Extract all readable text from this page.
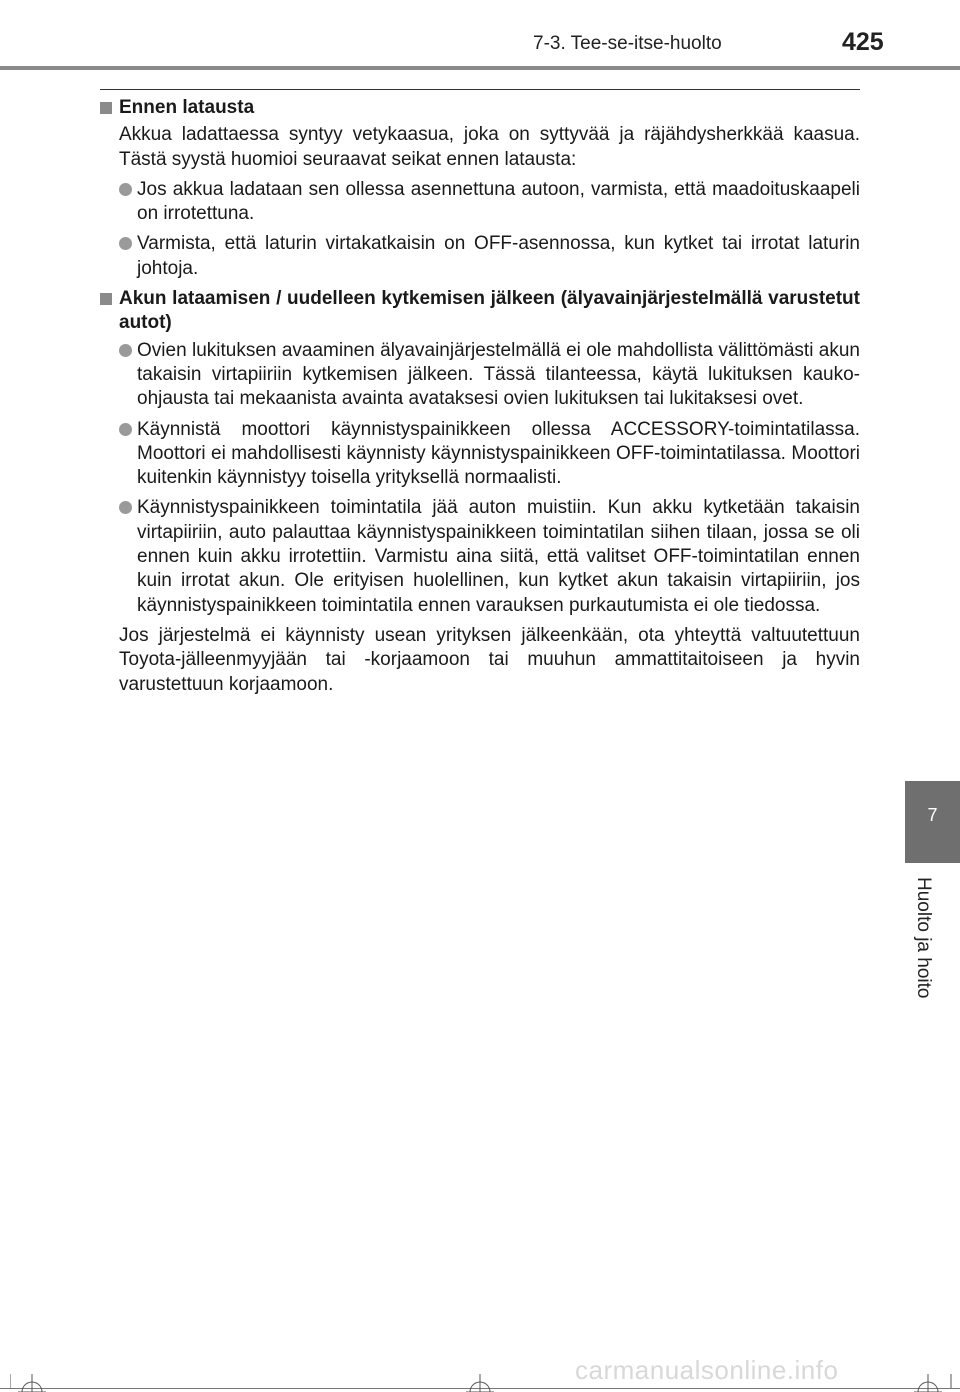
7-3. Tee-se-itse-huolto	425
Ennen latausta
Akkua ladattaessa syntyy vetykaasua, joka on syttyvää ja räjähdysherkkää kaasua. Tästä syystä huomioi seuraavat seikat ennen latausta:
Jos akkua ladataan sen ollessa asennettuna autoon, varmista, että maadoituskaapeli on irrotettuna.
Varmista, että laturin virtakatkaisin on OFF-asennossa, kun kytket tai irrotat laturin johtoja.
Akun lataamisen / uudelleen kytkemisen jälkeen (älyavainjärjestelmällä varustetut autot)
Ovien lukituksen avaaminen älyavainjärjestelmällä ei ole mahdollista välittömästi akun takaisin virtapiiriin kytkemisen jälkeen. Tässä tilanteessa, käytä lukituksen kauko-ohjausta tai mekaanista avainta avataksesi ovien lukituksen tai lukitaksesi ovet.
Käynnistä moottori käynnistyspainikkeen ollessa ACCESSORY-toimintatilassa. Moottori ei mahdollisesti käynnisty käynnistyspainikkeen OFF-toimintatilassa. Moottori kuitenkin käynnistyy toisella yrityksellä normaalisti.
Käynnistyspainikkeen toimintatila jää auton muistiin. Kun akku kytketään takaisin virtapiiriin, auto palauttaa käynnistyspainikkeen toimintatilan siihen tilaan, jossa se oli ennen kuin akku irrotettiin. Varmistu aina siitä, että valitset OFF-toimintatilan ennen kuin irrotat akun. Ole erityisen huolellinen, kun kytket akun takaisin virtapiiriin, jos käynnistyspainikkeen toimintatila ennen varauksen purkautumista ei ole tiedossa.
Jos järjestelmä ei käynnisty usean yrityksen jälkeenkään, ota yhteyttä valtuutettuun Toyota-jälleenmyyjään tai -korjaamoon tai muuhun ammattitaitoiseen ja hyvin varustettuun korjaamoon.
7
Huolto ja hoito
carmanualsonline.info
